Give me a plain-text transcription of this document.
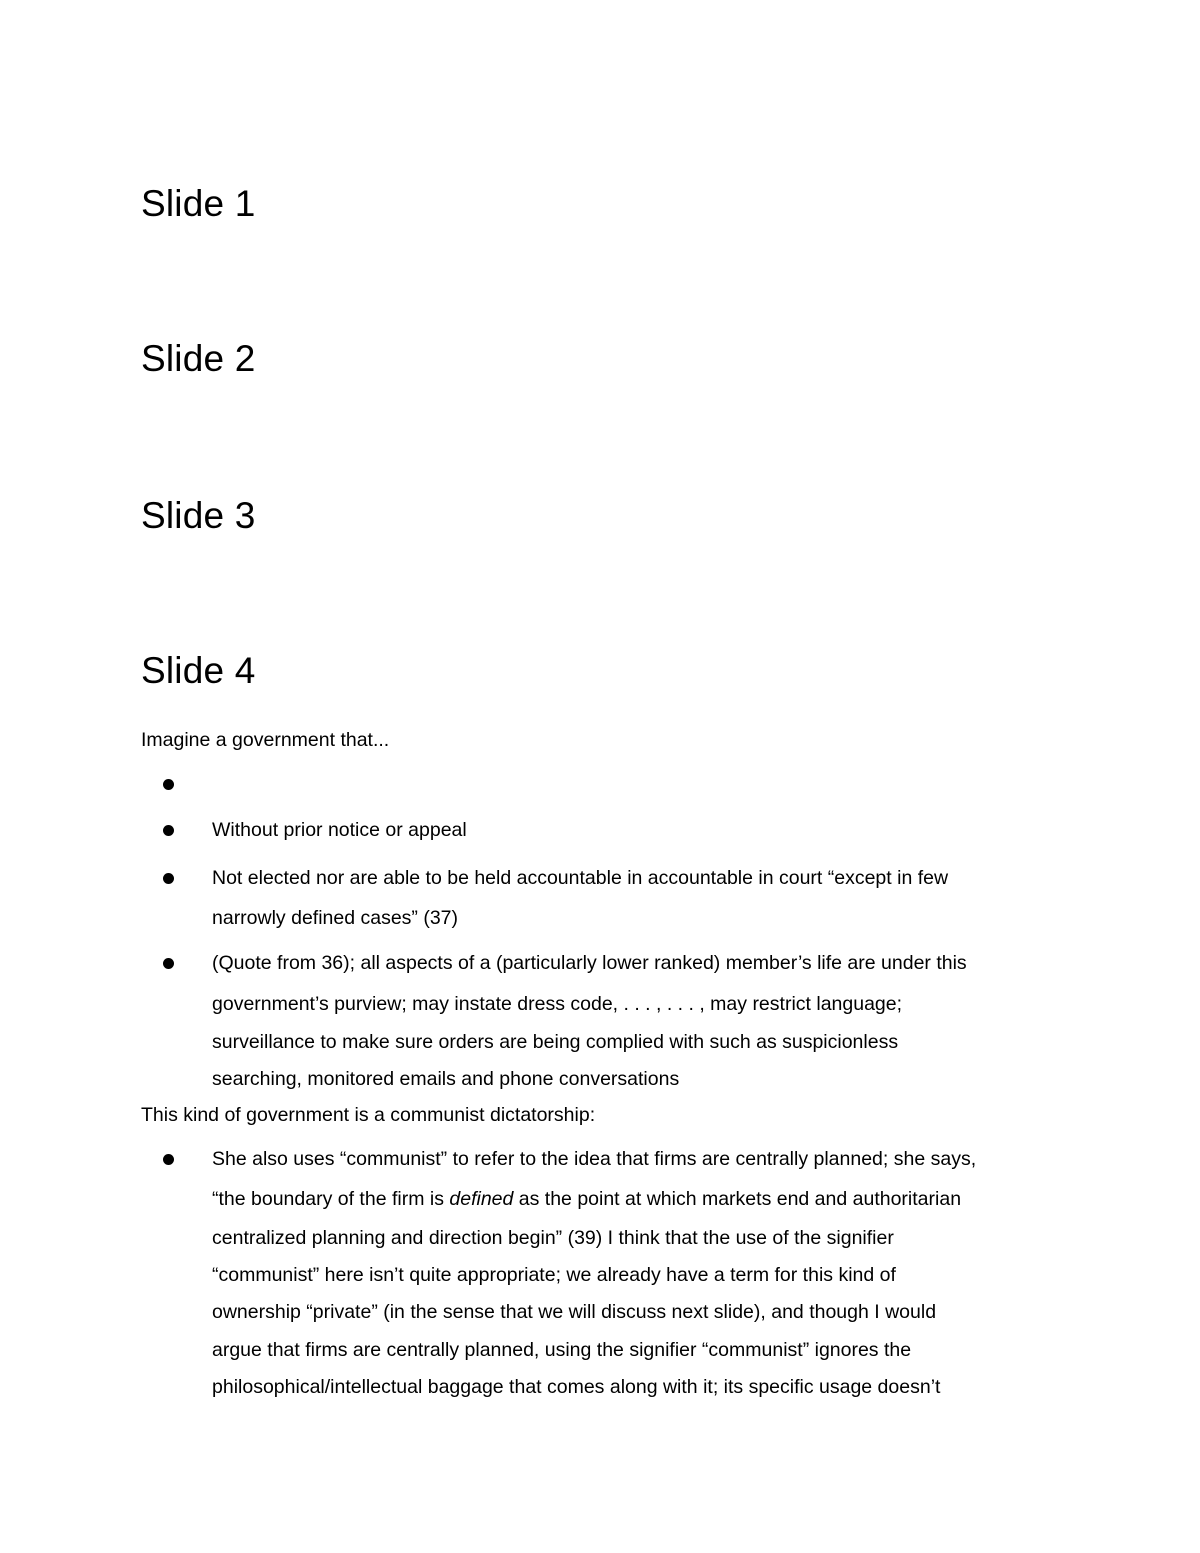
Slide 1
Slide 2
Slide 3
Slide 4

Imagine a government that...

Without prior notice or appeal

Not elected nor are able to be held accountable in accountable in court “except in few
narrowly defined cases” (37)

(Quote from 36); all aspects of a (particularly lower ranked) member’s life are under this
government’s purview; may instate dress code, . . . , . . . , may restrict language;
surveillance to make sure orders are being complied with such as suspicionless
searching, monitored emails and phone conversations

This kind of government is a communist dictatorship:

She also uses “communist” to refer to the idea that firms are centrally planned; she says,
“the boundary of the firm is defined as the point at which markets end and authoritarian
centralized planning and direction begin” (39) I think that the use of the signifier
“communist” here isn’t quite appropriate; we already have a term for this kind of
ownership “private” (in the sense that we will discuss next slide), and though I would
argue that firms are centrally planned, using the signifier “communist” ignores the
philosophical/intellectual baggage that comes along with it; its specific usage doesn’t
